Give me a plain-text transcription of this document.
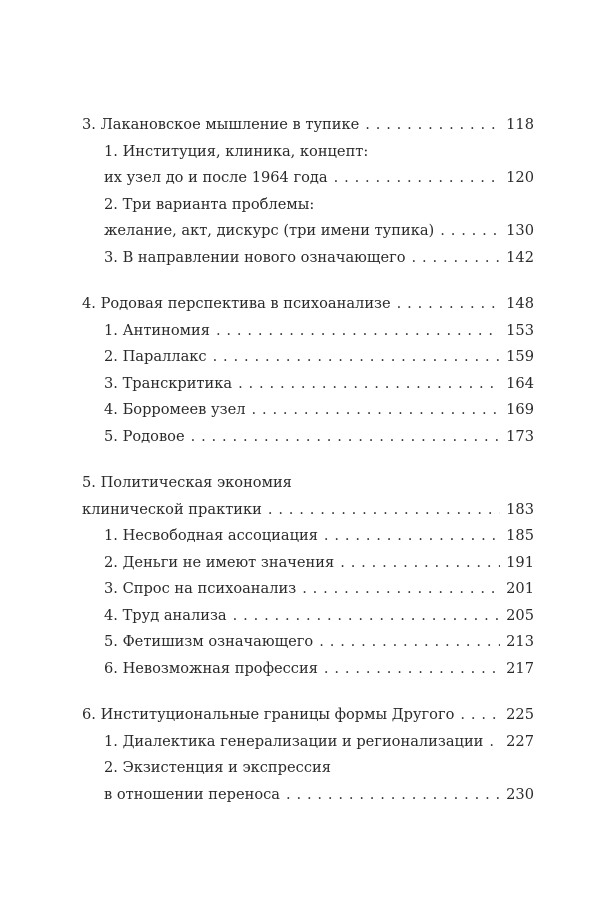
3. Лакановское мышление в тупике . . .	118
1. Институция, клиника, концепт:
их узел до и после 1964 года . . .	120
2. Три варианта проблемы:
желание, акт, дискурс (три имени тупика) . . .	130
3. В направлении нового означающего . . .	142
4. Родовая перспектива в психоанализе . . .	148
1. Антиномия . . .	153
2. Параллакс . . .	159
3. Транскритика . . .	164
4. Борромеев узел . . .	169
5. Родовое . . .	173
5. Политическая экономия
клинической практики . . .	183
1. Несвободная ассоциация . . .	185
2. Деньги не имеют значения . . .	191
3. Спрос на психоанализ . . .	201
4. Труд анализа . . .	205
5. Фетишизм означающего . . .	213
6. Невозможная профессия . . .	217
6. Институциональные границы формы Другого . . .	225
1. Диалектика генерализации и регионализации . . . 227
2. Экзистенция и экспрессия
в отношении переноса . . .	230
